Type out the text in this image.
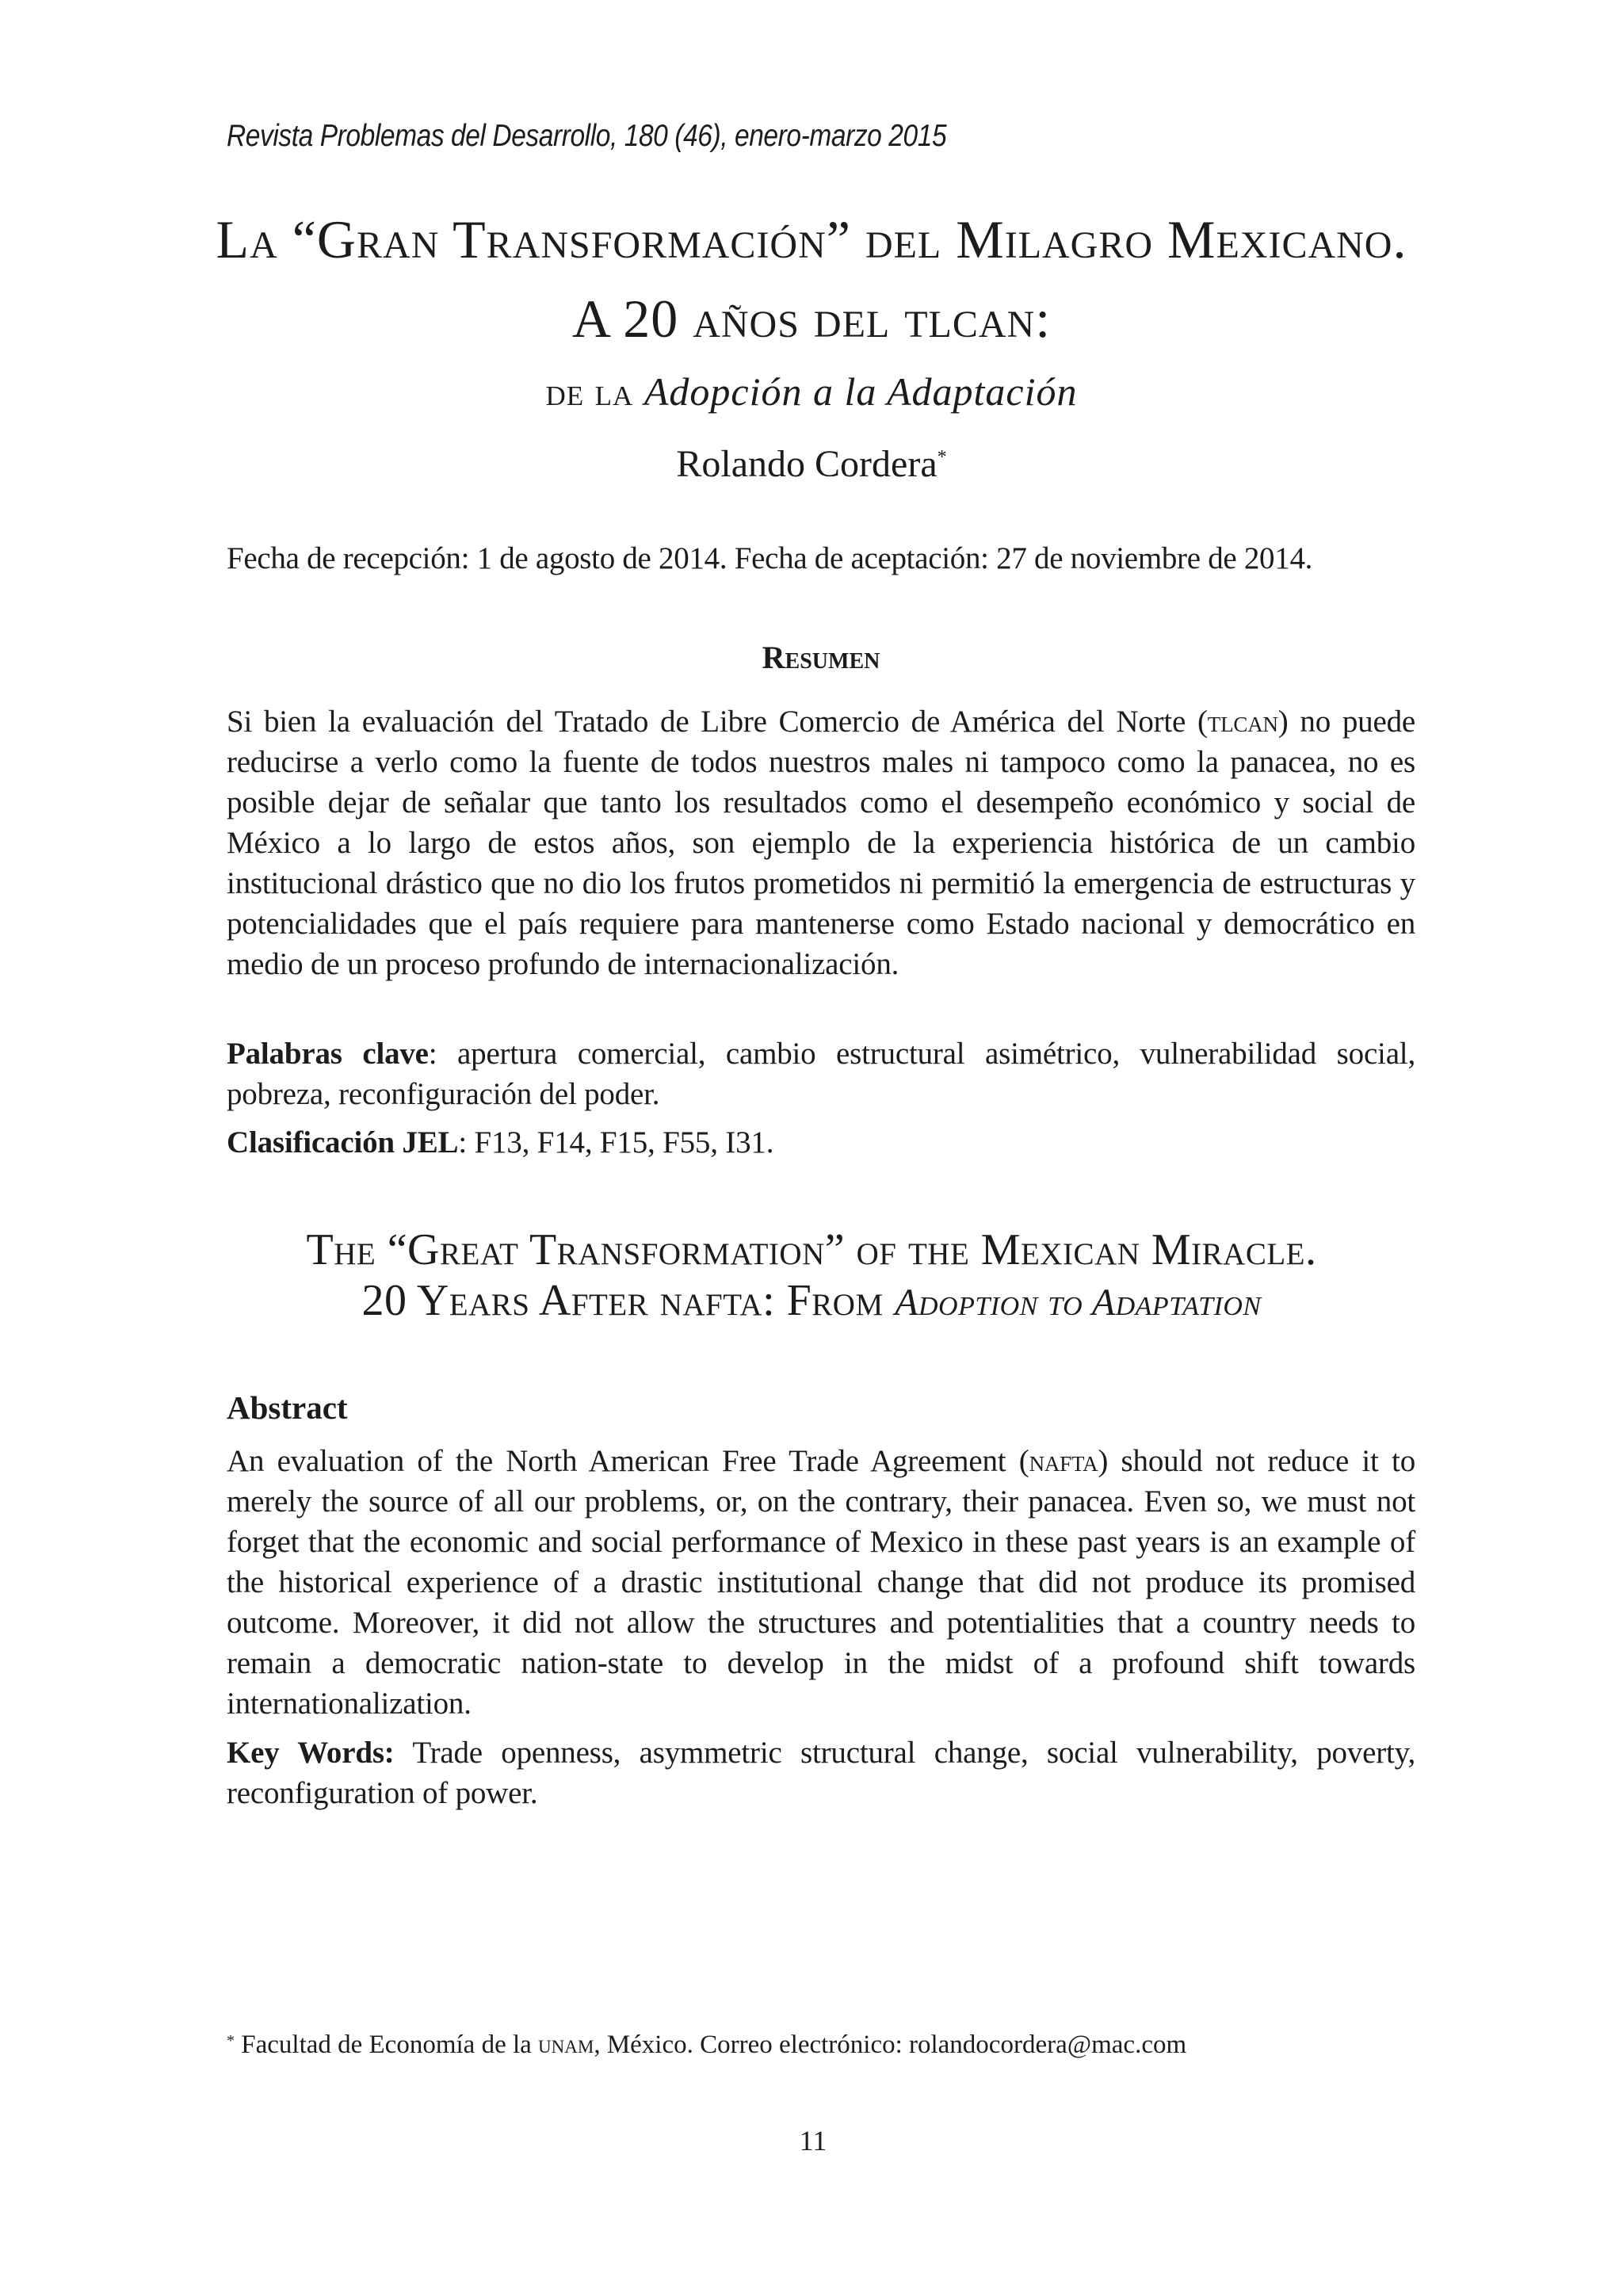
Revista Problemas del Desarrollo, 180 (46), enero-marzo 2015
La “Gran Transformación” del Milagro Mexicano.
A 20 años del tlcan:
de la Adopción a la Adaptación
Rolando Cordera*
Fecha de recepción: 1 de agosto de 2014. Fecha de aceptación: 27 de noviembre de 2014.
Resumen
Si bien la evaluación del Tratado de Libre Comercio de América del Norte (tlcan) no puede reducirse a verlo como la fuente de todos nuestros males ni tampoco como la panacea, no es posible dejar de señalar que tanto los resultados como el desempeño económico y social de México a lo largo de estos años, son ejemplo de la experiencia histórica de un cambio institucional drástico que no dio los frutos prometidos ni permitió la emergencia de estructuras y potencialidades que el país requiere para mantenerse como Estado nacional y democrático en medio de un proceso profundo de internacionalización.
Palabras clave: apertura comercial, cambio estructural asimétrico, vulnerabilidad social, pobreza, reconfiguración del poder.
Clasificación JEL: F13, F14, F15, F55, I31.
The “Great Transformation” of the Mexican Miracle.
20 Years After nafta: From Adoption to Adaptation
Abstract
An evaluation of the North American Free Trade Agreement (nafta) should not reduce it to merely the source of all our problems, or, on the contrary, their panacea. Even so, we must not forget that the economic and social performance of Mexico in these past years is an example of the historical experience of a drastic institutional change that did not produce its promised outcome. Moreover, it did not allow the structures and potentialities that a country needs to remain a democratic nation-state to develop in the midst of a profound shift towards internationalization.
Key Words: Trade openness, asymmetric structural change, social vulnerability, poverty, reconfiguration of power.
* Facultad de Economía de la unam, México. Correo electrónico: rolandocordera@mac.com
11
